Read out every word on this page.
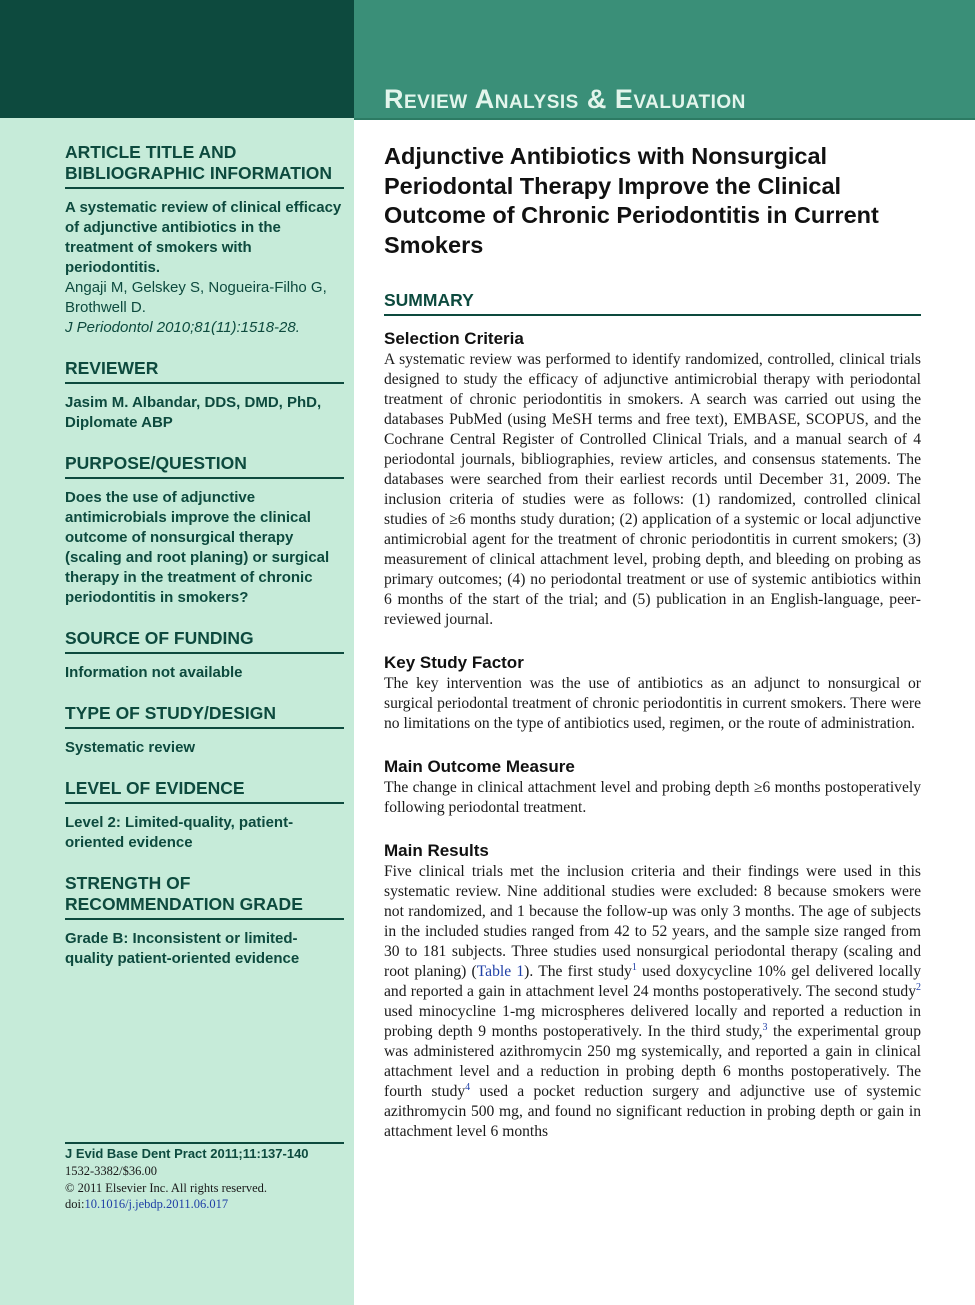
Review Analysis & Evaluation
ARTICLE TITLE AND BIBLIOGRAPHIC INFORMATION

A systematic review of clinical efficacy of adjunctive antibiotics in the treatment of smokers with periodontitis.

Angaji M, Gelskey S, Nogueira-Filho G, Brothwell D.

J Periodontol 2010;81(11):1518-28.

REVIEWER

Jasim M. Albandar, DDS, DMD, PhD, Diplomate ABP

PURPOSE/QUESTION

Does the use of adjunctive antimicrobials improve the clinical outcome of nonsurgical therapy (scaling and root planing) or surgical therapy in the treatment of chronic periodontitis in smokers?

SOURCE OF FUNDING

Information not available

TYPE OF STUDY/DESIGN

Systematic review

LEVEL OF EVIDENCE

Level 2: Limited-quality, patient-oriented evidence

STRENGTH OF RECOMMENDATION GRADE

Grade B: Inconsistent or limited-quality patient-oriented evidence

J Evid Base Dent Pract 2011;11:137-140

1532-3382/$36.00

© 2011 Elsevier Inc. All rights reserved.

doi:10.1016/j.jebdp.2011.06.017

Adjunctive Antibiotics with Nonsurgical Periodontal Therapy Improve the Clinical Outcome of Chronic Periodontitis in Current Smokers
SUMMARY
Selection Criteria

A systematic review was performed to identify randomized, controlled, clinical trials designed to study the efficacy of adjunctive antimicrobial therapy with periodontal treatment of chronic periodontitis in smokers. A search was carried out using the databases PubMed (using MeSH terms and free text), EMBASE, SCOPUS, and the Cochrane Central Register of Controlled Clinical Trials, and a manual search of 4 periodontal journals, bibliographies, review articles, and consensus statements. The databases were searched from their earliest records until December 31, 2009. The inclusion criteria of studies were as follows: (1) randomized, controlled clinical studies of ≥6 months study duration; (2) application of a systemic or local adjunctive antimicrobial agent for the treatment of chronic periodontitis in current smokers; (3) measurement of clinical attachment level, probing depth, and bleeding on probing as primary outcomes; (4) no periodontal treatment or use of systemic antibiotics within 6 months of the start of the trial; and (5) publication in an English-language, peer-reviewed journal.

Key Study Factor

The key intervention was the use of antibiotics as an adjunct to nonsurgical or surgical periodontal treatment of chronic periodontitis in current smokers. There were no limitations on the type of antibiotics used, regimen, or the route of administration.

Main Outcome Measure

The change in clinical attachment level and probing depth ≥6 months postoperatively following periodontal treatment.

Main Results

Five clinical trials met the inclusion criteria and their findings were used in this systematic review. Nine additional studies were excluded: 8 because smokers were not randomized, and 1 because the follow-up was only 3 months. The age of subjects in the included studies ranged from 42 to 52 years, and the sample size ranged from 30 to 181 subjects. Three studies used nonsurgical periodontal therapy (scaling and root planing) (Table 1). The first study$^1$ used doxycycline 10% gel delivered locally and reported a gain in attachment level 24 months postoperatively. The second study$^2$ used minocycline 1-mg microspheres delivered locally and reported a reduction in probing depth 9 months postoperatively. In the third study,$^3$ the experimental group was administered azithromycin 250 mg systemically, and reported a gain in clinical attachment level and a reduction in probing depth 6 months postoperatively. The fourth study$^4$ used a pocket reduction surgery and adjunctive use of systemic azithromycin 500 mg, and found no significant reduction in probing depth or gain in attachment level 6 months
